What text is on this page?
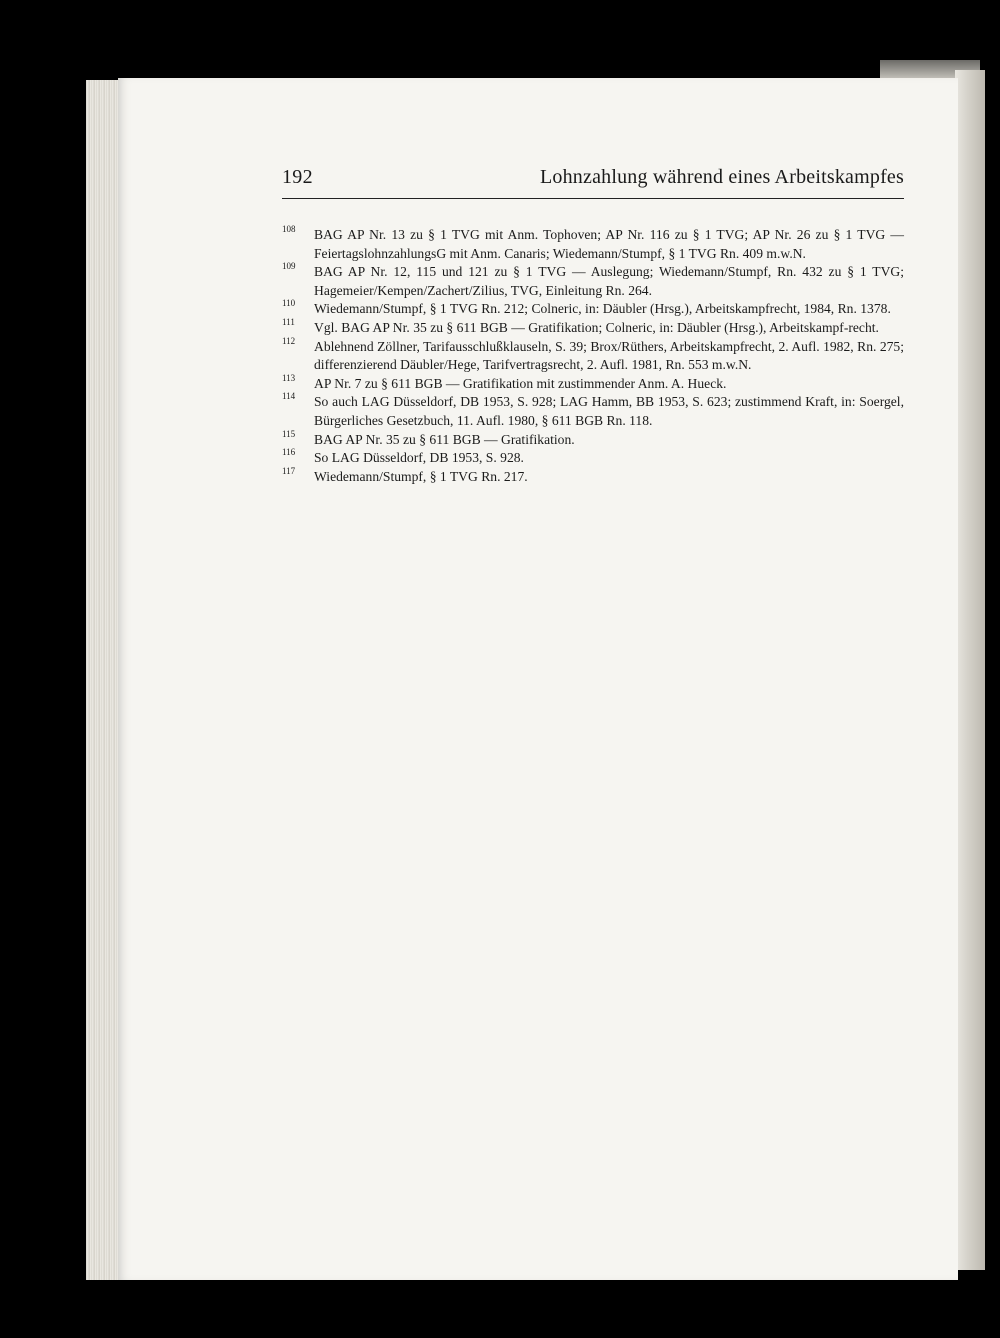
192	Lohnzahlung während eines Arbeitskampfes
108 BAG AP Nr. 13 zu § 1 TVG mit Anm. Tophoven; AP Nr. 116 zu § 1 TVG; AP Nr. 26 zu § 1 TVG — FeiertagslohnzahlungsG mit Anm. Canaris; Wiedemann/Stumpf, § 1 TVG Rn. 409 m.w.N.
109 BAG AP Nr. 12, 115 und 121 zu § 1 TVG — Auslegung; Wiedemann/Stumpf, Rn. 432 zu § 1 TVG; Hagemeier/Kempen/Zachert/Zilius, TVG, Einleitung Rn. 264.
110 Wiedemann/Stumpf, § 1 TVG Rn. 212; Colneric, in: Däubler (Hrsg.), Arbeitskampfrecht, 1984, Rn. 1378.
111 Vgl. BAG AP Nr. 35 zu § 611 BGB — Gratifikation; Colneric, in: Däubler (Hrsg.), Arbeitskampf-recht.
112 Ablehnend Zöllner, Tarifausschlußklauseln, S. 39; Brox/Rüthers, Arbeitskampfrecht, 2. Aufl. 1982, Rn. 275; differenzierend Däubler/Hege, Tarifvertragsrecht, 2. Aufl. 1981, Rn. 553 m.w.N.
113 AP Nr. 7 zu § 611 BGB — Gratifikation mit zustimmender Anm. A. Hueck.
114 So auch LAG Düsseldorf, DB 1953, S. 928; LAG Hamm, BB 1953, S. 623; zustimmend Kraft, in: Soergel, Bürgerliches Gesetzbuch, 11. Aufl. 1980, § 611 BGB Rn. 118.
115 BAG AP Nr. 35 zu § 611 BGB — Gratifikation.
116 So LAG Düsseldorf, DB 1953, S. 928.
117 Wiedemann/Stumpf, § 1 TVG Rn. 217.
